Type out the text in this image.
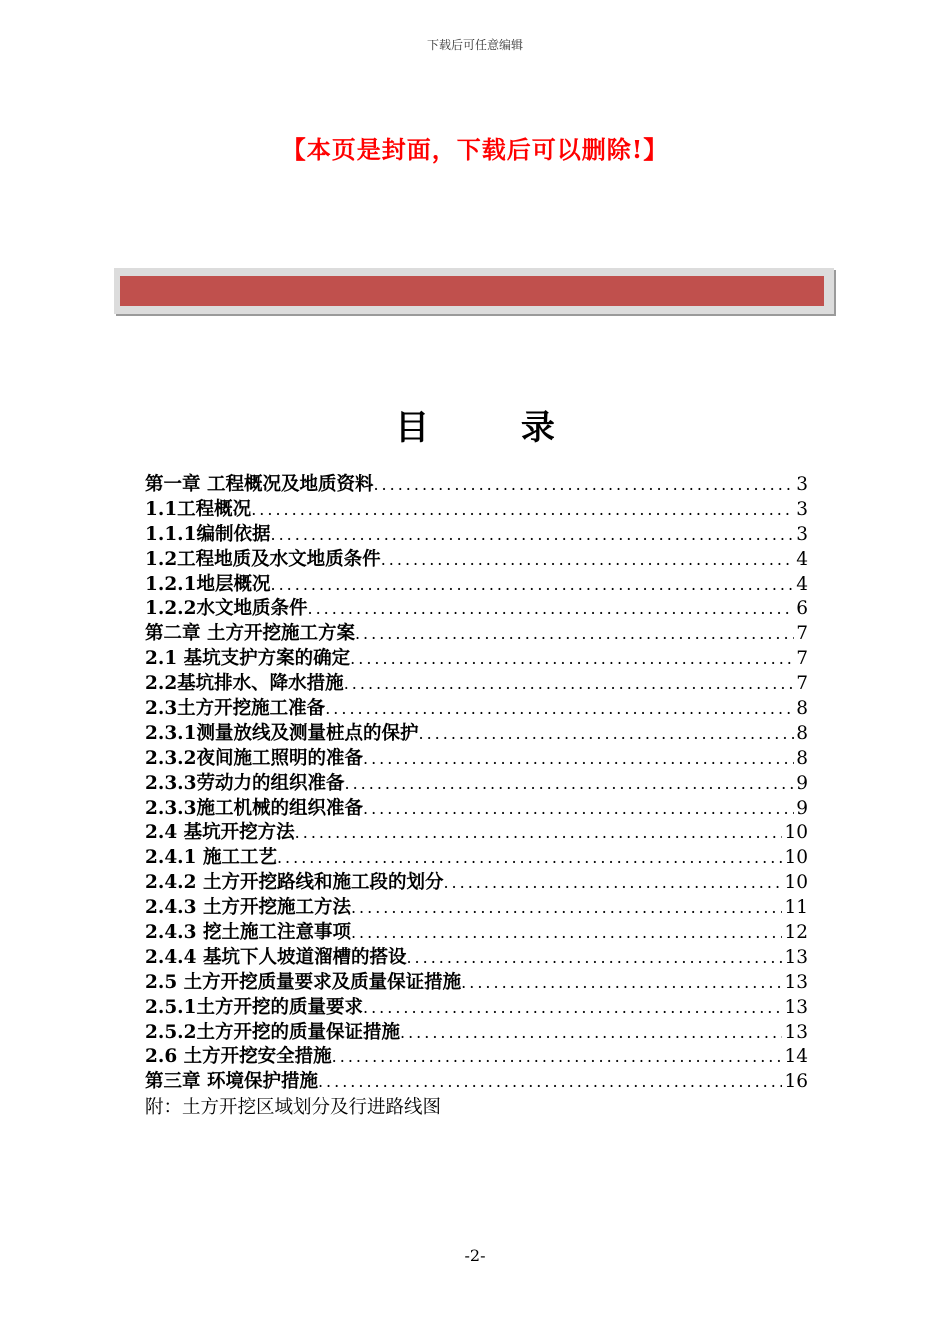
下载后可任意编辑
【本页是封面，下载后可以删除!】
目 录
第一章 工程概况及地质资料 .....	3
1.1工程概况 .....	3
1.1.1编制依据 .....	3
1.2工程地质及水文地质条件 .....	4
1.2.1地层概况 .....	4
1.2.2水文地质条件 .....	6
第二章 土方开挖施工方案 .....	7
2.1 基坑支护方案的确定 .....	7
2.2基坑排水、降水措施 .....	7
2.3土方开挖施工准备 .....	8
2.3.1测量放线及测量桩点的保护 .....	8
2.3.2夜间施工照明的准备 .....	8
2.3.3劳动力的组织准备 .....	9
2.3.3施工机械的组织准备 .....	9
2.4 基坑开挖方法 .....	10
2.4.1 施工工艺 .....	10
2.4.2 土方开挖路线和施工段的划分 .....	10
2.4.3 土方开挖施工方法 .....	11
2.4.3 挖土施工注意事项 .....	12
2.4.4 基坑下人坡道溜槽的搭设 .....	13
2.5 土方开挖质量要求及质量保证措施 .....	13
2.5.1土方开挖的质量要求 .....	13
2.5.2土方开挖的质量保证措施 .....	13
2.6 土方开挖安全措施 .....	14
第三章 环境保护措施 .....	16
附：土方开挖区域划分及行进路线图
-2-
